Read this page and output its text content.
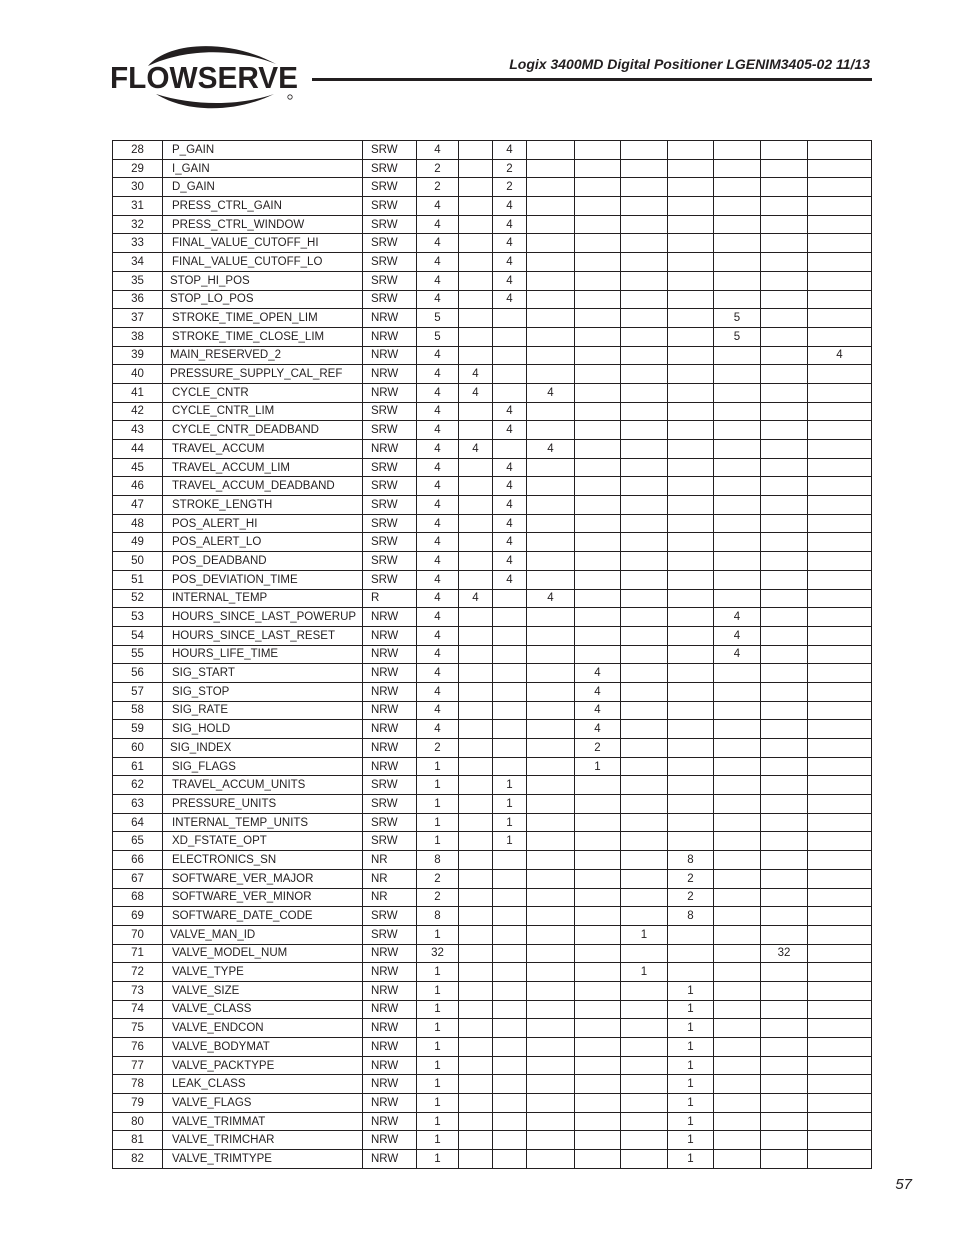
FLOWSERVE	Logix 3400MD Digital Positioner LGENIM3405-02 11/13
28	P_GAIN	SRW	4		4							
29	I_GAIN	SRW	2		2							
30	D_GAIN	SRW	2		2							
31	PRESS_CTRL_GAIN	SRW	4		4							
32	PRESS_CTRL_WINDOW	SRW	4		4							
33	FINAL_VALUE_CUTOFF_HI	SRW	4		4							
34	FINAL_VALUE_CUTOFF_LO	SRW	4		4							
35	STOP_HI_POS	SRW	4		4							
36	STOP_LO_POS	SRW	4		4							
37	STROKE_TIME_OPEN_LIM	NRW	5							5		
38	STROKE_TIME_CLOSE_LIM	NRW	5							5		
39	MAIN_RESERVED_2	NRW	4									4
40	PRESSURE_SUPPLY_CAL_REF	NRW	4	4								
41	CYCLE_CNTR	NRW	4	4		4						
42	CYCLE_CNTR_LIM	SRW	4		4							
43	CYCLE_CNTR_DEADBAND	SRW	4		4							
44	TRAVEL_ACCUM	NRW	4	4		4						
45	TRAVEL_ACCUM_LIM	SRW	4		4							
46	TRAVEL_ACCUM_DEADBAND	SRW	4		4							
47	STROKE_LENGTH	SRW	4		4							
48	POS_ALERT_HI	SRW	4		4							
49	POS_ALERT_LO	SRW	4		4							
50	POS_DEADBAND	SRW	4		4							
51	POS_DEVIATION_TIME	SRW	4		4							
52	INTERNAL_TEMP	R	4	4		4						
53	HOURS_SINCE_LAST_POWERUP	NRW	4							4		
54	HOURS_SINCE_LAST_RESET	NRW	4							4		
55	HOURS_LIFE_TIME	NRW	4							4		
56	SIG_START	NRW	4				4					
57	SIG_STOP	NRW	4				4					
58	SIG_RATE	NRW	4				4					
59	SIG_HOLD	NRW	4				4					
60	SIG_INDEX	NRW	2				2					
61	SIG_FLAGS	NRW	1				1					
62	TRAVEL_ACCUM_UNITS	SRW	1		1							
63	PRESSURE_UNITS	SRW	1		1							
64	INTERNAL_TEMP_UNITS	SRW	1		1							
65	XD_FSTATE_OPT	SRW	1		1							
66	ELECTRONICS_SN	NR	8						8			
67	SOFTWARE_VER_MAJOR	NR	2						2			
68	SOFTWARE_VER_MINOR	NR	2						2			
69	SOFTWARE_DATE_CODE	SRW	8						8			
70	VALVE_MAN_ID	SRW	1					1				
71	VALVE_MODEL_NUM	NRW	32								32	
72	VALVE_TYPE	NRW	1					1				
73	VALVE_SIZE	NRW	1						1			
74	VALVE_CLASS	NRW	1						1			
75	VALVE_ENDCON	NRW	1						1			
76	VALVE_BODYMAT	NRW	1						1			
77	VALVE_PACKTYPE	NRW	1						1			
78	LEAK_CLASS	NRW	1						1			
79	VALVE_FLAGS	NRW	1						1			
80	VALVE_TRIMMAT	NRW	1						1			
81	VALVE_TRIMCHAR	NRW	1						1			
82	VALVE_TRIMTYPE	NRW	1						1			
57
